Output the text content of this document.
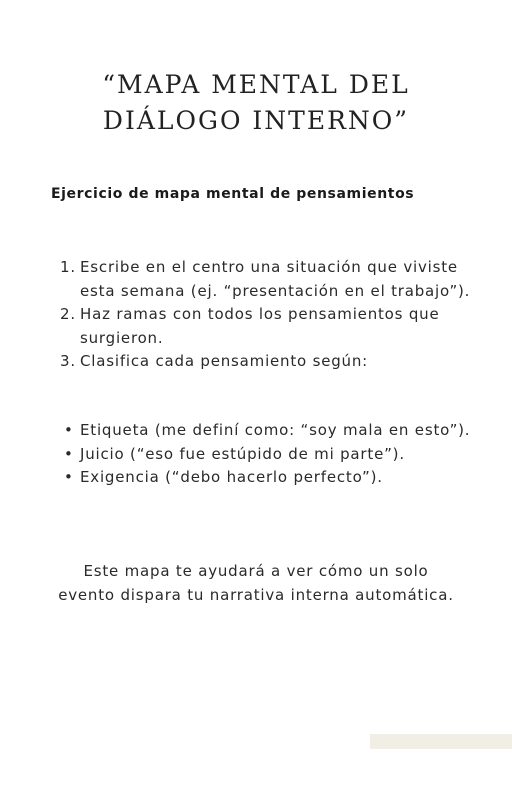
“MAPA MENTAL DEL
DIÁLOGO INTERNO”
Ejercicio de mapa mental de pensamientos
1. Escribe en el centro una situación que viviste esta semana (ej. “presentación en el trabajo”).
2. Haz ramas con todos los pensamientos que surgieron.
3. Clasifica cada pensamiento según:
• Etiqueta (me definí como: “soy mala en esto”).
• Juicio (“eso fue estúpido de mi parte”).
• Exigencia (“debo hacerlo perfecto”).

Este mapa te ayudará a ver cómo un solo evento dispara tu narrativa interna automática.
